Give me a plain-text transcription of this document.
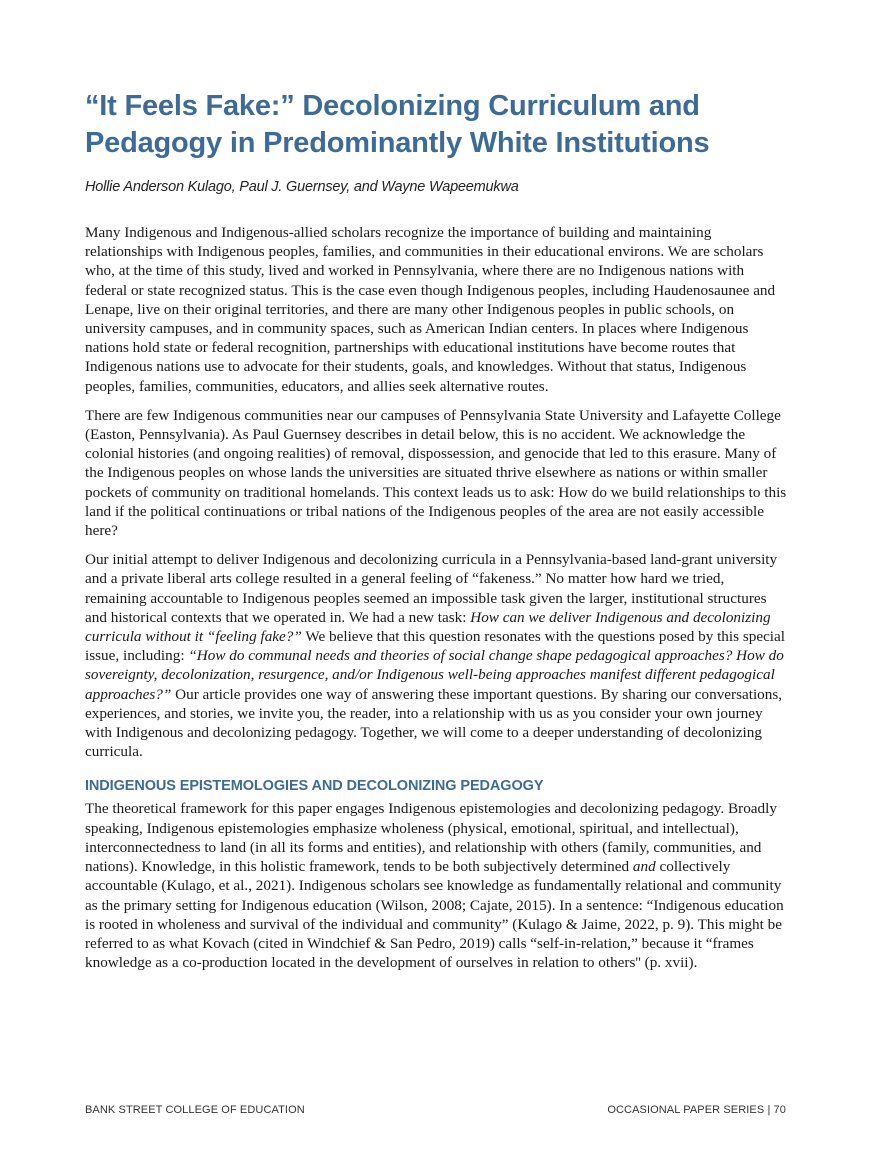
“It Feels Fake:” Decolonizing Curriculum and Pedagogy in Predominantly White Institutions

Hollie Anderson Kulago, Paul J. Guernsey, and Wayne Wapeemukwa

Many Indigenous and Indigenous-allied scholars recognize the importance of building and maintaining relationships with Indigenous peoples, families, and communities in their educational environs. We are scholars who, at the time of this study, lived and worked in Pennsylvania, where there are no Indigenous nations with federal or state recognized status. This is the case even though Indigenous peoples, including Haudenosaunee and Lenape, live on their original territories, and there are many other Indigenous peoples in public schools, on university campuses, and in community spaces, such as American Indian centers. In places where Indigenous nations hold state or federal recognition, partnerships with educational institutions have become routes that Indigenous nations use to advocate for their students, goals, and knowledges. Without that status, Indigenous peoples, families, communities, educators, and allies seek alternative routes.

There are few Indigenous communities near our campuses of Pennsylvania State University and Lafayette College (Easton, Pennsylvania). As Paul Guernsey describes in detail below, this is no accident. We acknowledge the colonial histories (and ongoing realities) of removal, dispossession, and genocide that led to this erasure. Many of the Indigenous peoples on whose lands the universities are situated thrive elsewhere as nations or within smaller pockets of community on traditional homelands. This context leads us to ask: How do we build relationships to this land if the political continuations or tribal nations of the Indigenous peoples of the area are not easily accessible here?

Our initial attempt to deliver Indigenous and decolonizing curricula in a Pennsylvania-based land-grant university and a private liberal arts college resulted in a general feeling of “fakeness.” No matter how hard we tried, remaining accountable to Indigenous peoples seemed an impossible task given the larger, institutional structures and historical contexts that we operated in. We had a new task: How can we deliver Indigenous and decolonizing curricula without it “feeling fake?” We believe that this question resonates with the questions posed by this special issue, including: “How do communal needs and theories of social change shape pedagogical approaches? How do sovereignty, decolonization, resurgence, and/or Indigenous well-being approaches manifest different pedagogical approaches?” Our article provides one way of answering these important questions. By sharing our conversations, experiences, and stories, we invite you, the reader, into a relationship with us as you consider your own journey with Indigenous and decolonizing pedagogy. Together, we will come to a deeper understanding of decolonizing curricula.

INDIGENOUS EPISTEMOLOGIES AND DECOLONIZING PEDAGOGY

The theoretical framework for this paper engages Indigenous epistemologies and decolonizing pedagogy. Broadly speaking, Indigenous epistemologies emphasize wholeness (physical, emotional, spiritual, and intellectual), interconnectedness to land (in all its forms and entities), and relationship with others (family, communities, and nations). Knowledge, in this holistic framework, tends to be both subjectively determined and collectively accountable (Kulago, et al., 2021). Indigenous scholars see knowledge as fundamentally relational and community as the primary setting for Indigenous education (Wilson, 2008; Cajate, 2015). In a sentence: “Indigenous education is rooted in wholeness and survival of the individual and community” (Kulago & Jaime, 2022, p. 9). This might be referred to as what Kovach (cited in Windchief & San Pedro, 2019) calls “self-in-relation,” because it “frames knowledge as a co-production located in the development of ourselves in relation to others'' (p. xvii).

BANK STREET COLLEGE OF EDUCATION	OCCASIONAL PAPER SERIES | 70
